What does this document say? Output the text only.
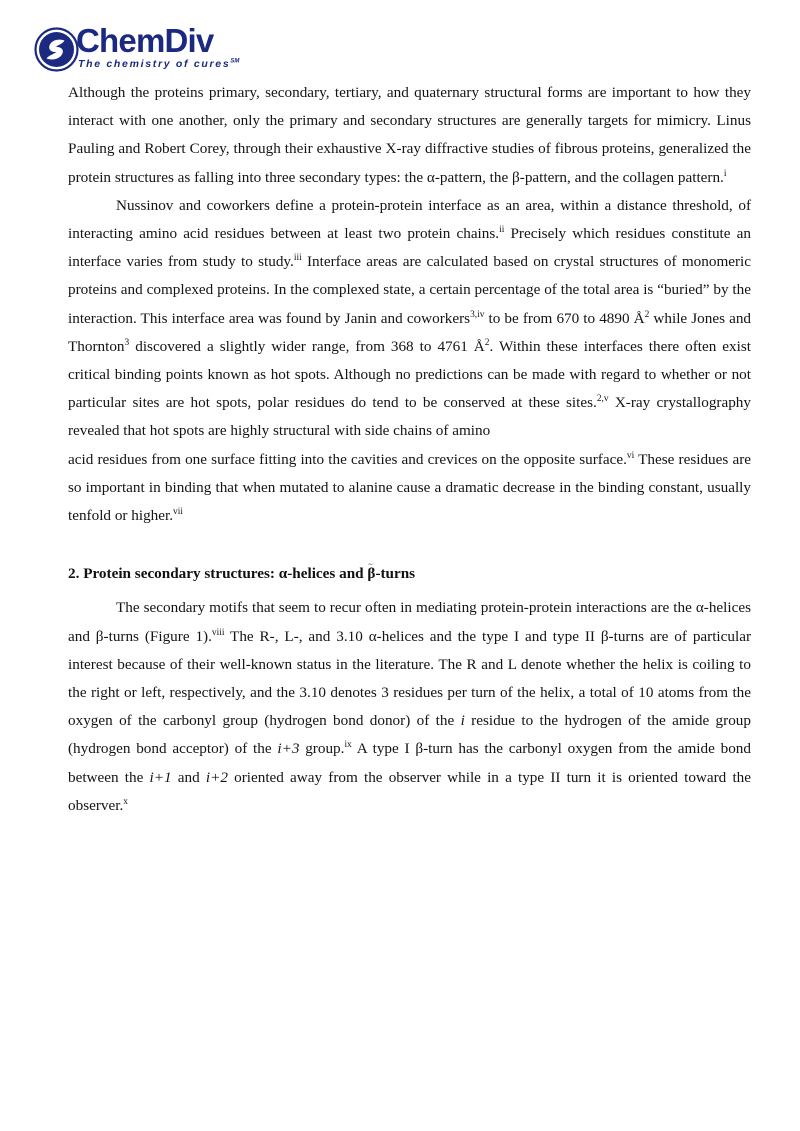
ChemDiv
The chemistry of cures℠

Although the proteins primary, secondary, tertiary, and quaternary structural forms are important to how they interact with one another, only the primary and secondary structures are generally targets for mimicry. Linus Pauling and Robert Corey, through their exhaustive X-ray diffractive studies of fibrous proteins, generalized the protein structures as falling into three secondary types: the α-pattern, the β-pattern, and the collagen pattern.$^i$

Nussinov and coworkers define a protein-protein interface as an area, within a distance threshold, of interacting amino acid residues between at least two protein chains.$^{ii}$ Precisely which residues constitute an interface varies from study to study.$^{iii}$ Interface areas are calculated based on crystal structures of monomeric proteins and complexed proteins. In the complexed state, a certain percentage of the total area is “buried” by the interaction. This interface area was found by Janin and coworkers$^{3,iv}$ to be from 670 to 4890 $Å^2$ while Jones and Thornton$^3$ discovered a slightly wider range, from 368 to 4761 $Å^2$. Within these interfaces there often exist critical binding points known as hot spots. Although no predictions can be made with regard to whether or not particular sites are hot spots, polar residues do tend to be conserved at these sites.$^{2,v}$ X-ray crystallography revealed that hot spots are highly structural with side chains of amino

acid residues from one surface fitting into the cavities and crevices on the opposite surface.$^{vi}$ These residues are so important in binding that when mutated to alanine cause a dramatic decrease in the binding constant, usually tenfold or higher.$^{vii}$

2. Protein secondary structures: α-helices and β ~-turns

The secondary motifs that seem to recur often in mediating protein-protein interactions are the α-helices and β-turns (Figure 1).$^{viii}$ The R-, L-, and 3.10 α-helices and the type I and type II β-turns are of particular interest because of their well-known status in the literature. The R and L denote whether the helix is coiling to the right or left, respectively, and the 3.10 denotes 3 residues per turn of the helix, a total of 10 atoms from the oxygen of the carbonyl group (hydrogen bond donor) of the i residue to the hydrogen of the amide group (hydrogen bond acceptor) of the i+3 group.$^{ix}$ A type I β-turn has the carbonyl oxygen from the amide bond between the i+1 and i+2 oriented away from the observer while in a type II turn it is oriented toward the observer.$^x$
